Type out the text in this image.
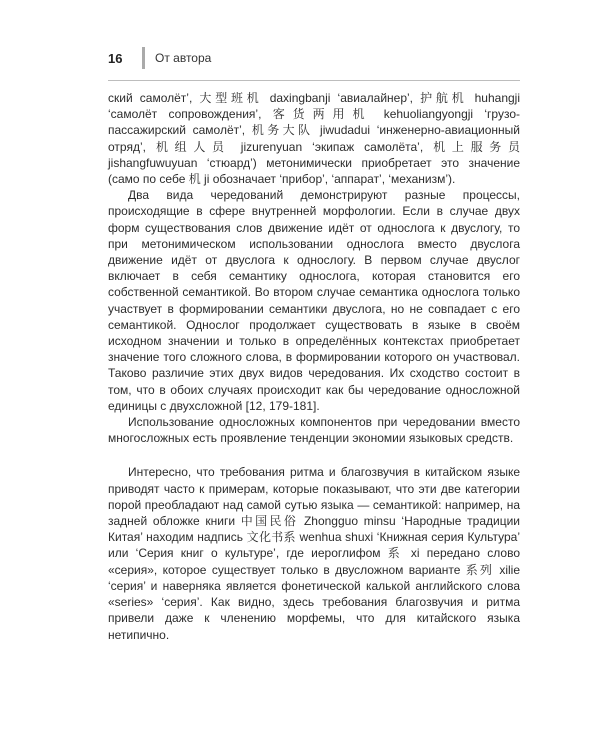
16	От автора

ский самолёт’, 大型班机 daxingbanji ‘авиалайнер’, 护航机 huhangji ‘самолёт сопровождения’, 客货两用机 kehuoliangyongji ‘грузо-пассажирский самолёт’, 机务大队 jiwudadui ‘инженерно-авиационный отряд’, 机组人员 jizurenyuan ‘экипаж самолёта’, 机上服务员 jishangfuwuyuan ‘стюард’) метонимически приобретает это значение (само по себе 机 ji обозначает ‘прибор’, ‘аппарат’, ‘механизм’).

Два вида чередований демонстрируют разные процессы, происходящие в сфере внутренней морфологии. Если в случае двух форм существования слов движение идёт от однослога к двуслогу, то при метонимическом использовании однослога вместо двуслога движение идёт от двуслога к однослогу. В первом случае двуслог включает в себя семантику однослога, которая становится его собственной семантикой. Во втором случае семантика однослога только участвует в формировании семантики двуслога, но не совпадает с его семантикой. Однослог продолжает существовать в языке в своём исходном значении и только в определённых контекстах приобретает значение того сложного слова, в формировании которого он участвовал. Таково различие этих двух видов чередования. Их сходство состоит в том, что в обоих случаях происходит как бы чередование односложной единицы с двухсложной [12, 179-181].

Использование односложных компонентов при чередовании вместо многосложных есть проявление тенденции экономии языковых средств.

Интересно, что требования ритма и благозвучия в китайском языке приводят часто к примерам, которые показывают, что эти две категории порой преобладают над самой сутью языка — семантикой: например, на задней обложке книги 中国民俗 Zhongguo minsu ‘Народные традиции Китая’ находим надпись 文化书系 wenhua shuxi ‘Книжная серия Культура’ или ‘Серия книг о культуре’, где иероглифом 系 xi передано слово «серия», которое существует только в двусложном варианте 系列 xilie ‘серия’ и наверняка является фонетической калькой английского слова «series» ‘серия’. Как видно, здесь требования благозвучия и ритма привели даже к членению морфемы, что для китайского языка нетипично.
